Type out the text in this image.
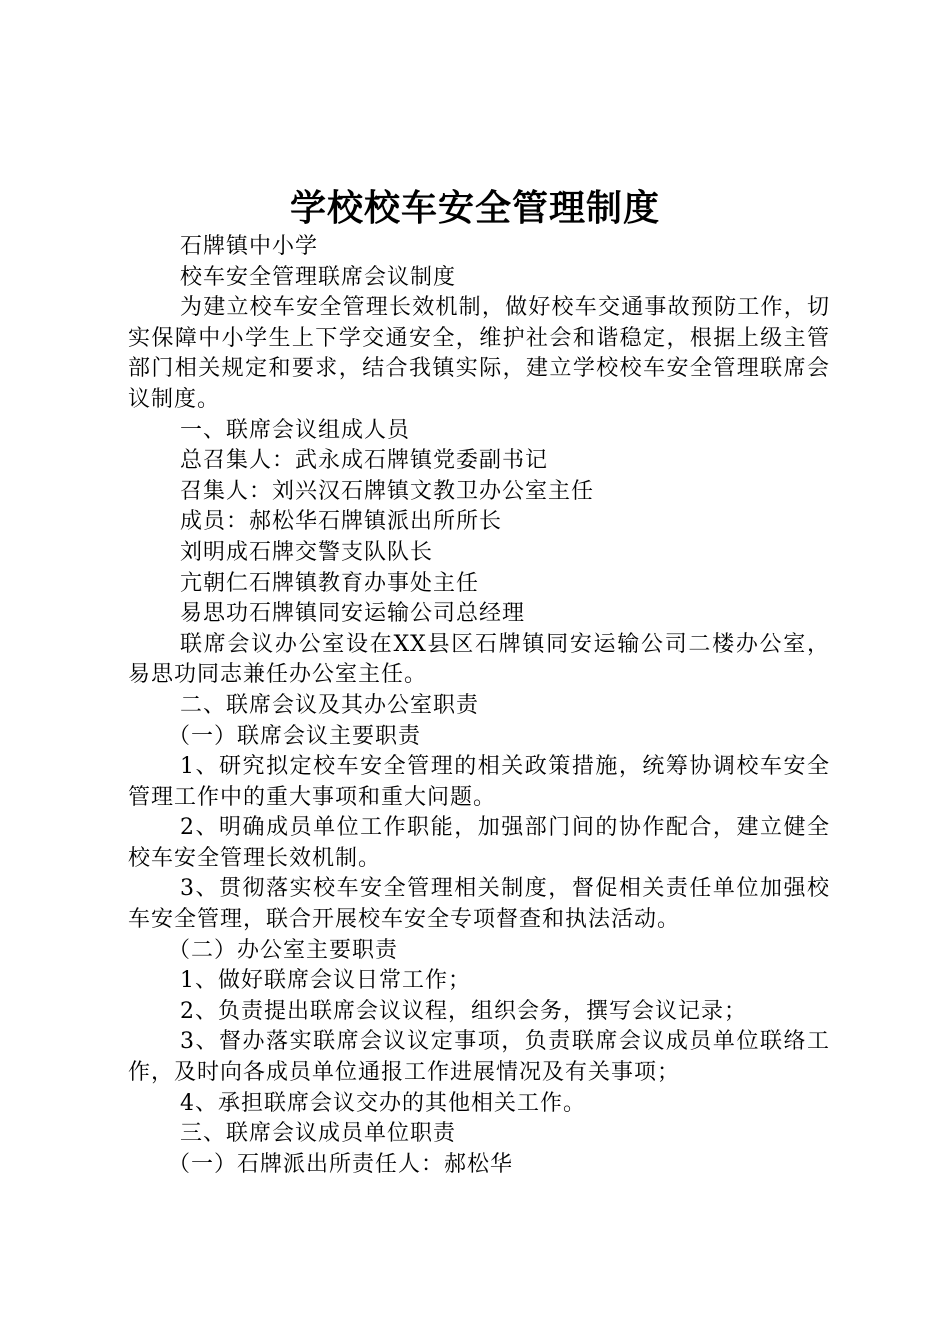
学校校车安全管理制度

石牌镇中小学

校车安全管理联席会议制度

为建立校车安全管理长效机制，做好校车交通事故预防工作，切实保障中小学生上下学交通安全，维护社会和谐稳定，根据上级主管部门相关规定和要求，结合我镇实际，建立学校校车安全管理联席会议制度。

一、联席会议组成人员

总召集人：武永成石牌镇党委副书记

召集人：刘兴汉石牌镇文教卫办公室主任

成员：郝松华石牌镇派出所所长

刘明成石牌交警支队队长

亢朝仁石牌镇教育办事处主任

易思功石牌镇同安运输公司总经理

联席会议办公室设在XX县区石牌镇同安运输公司二楼办公室，易思功同志兼任办公室主任。

二、联席会议及其办公室职责

（一）联席会议主要职责

1、研究拟定校车安全管理的相关政策措施，统筹协调校车安全管理工作中的重大事项和重大问题。

2、明确成员单位工作职能，加强部门间的协作配合，建立健全校车安全管理长效机制。

3、贯彻落实校车安全管理相关制度，督促相关责任单位加强校车安全管理，联合开展校车安全专项督查和执法活动。

（二）办公室主要职责

1、做好联席会议日常工作；

2、负责提出联席会议议程，组织会务，撰写会议记录；

3、督办落实联席会议议定事项，负责联席会议成员单位联络工作，及时向各成员单位通报工作进展情况及有关事项；

4、承担联席会议交办的其他相关工作。

三、联席会议成员单位职责

（一）石牌派出所责任人：郝松华
